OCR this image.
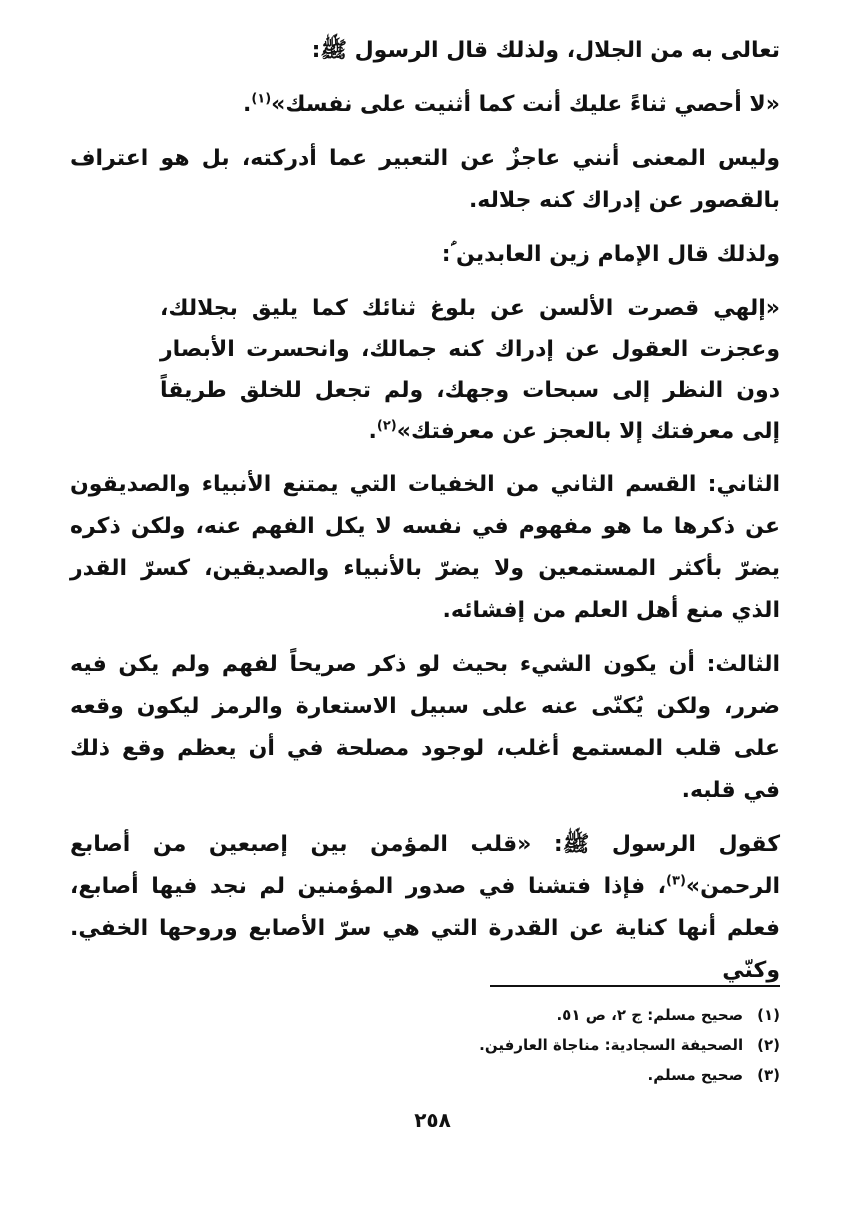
تعالى به من الجلال، ولذلك قال الرسول ﷺ:

«لا أحصي ثناءً عليك أنت كما أثنيت على نفسك»$^{(١)}$.

وليس المعنى أنني عاجزٌ عن التعبير عما أدركته، بل هو اعتراف بالقصور عن إدراك كنه جلاله.

ولذلك قال الإمام زين العابدين ؑ:

«إلهي قصرت الألسن عن بلوغ ثنائك كما يليق بجلالك، وعجزت العقول عن إدراك كنه جمالك، وانحسرت الأبصار دون النظر إلى سبحات وجهك، ولم تجعل للخلق طريقاً إلى معرفتك إلا بالعجز عن معرفتك»$^{(٢)}$.

الثاني: القسم الثاني من الخفيات التي يمتنع الأنبياء والصديقون عن ذكرها ما هو مفهوم في نفسه لا يكل الفهم عنه، ولكن ذكره يضرّ بأكثر المستمعين ولا يضرّ بالأنبياء والصديقين، كسرّ القدر الذي منع أهل العلم من إفشائه.

الثالث: أن يكون الشيء بحيث لو ذكر صريحاً لفهم ولم يكن فيه ضرر، ولكن يُكنّى عنه على سبيل الاستعارة والرمز ليكون وقعه على قلب المستمع أغلب، لوجود مصلحة في أن يعظم وقع ذلك في قلبه.

كقول الرسول ﷺ: «قلب المؤمن بين إصبعين من أصابع الرحمن»$^{(٣)}$، فإذا فتشنا في صدور المؤمنين لم نجد فيها أصابع، فعلم أنها كناية عن القدرة التي هي سرّ الأصابع وروحها الخفي. وكنّي

(١)صحيح مسلم: ج ٢، ص ٥١.

(٢)الصحيفة السجادية: مناجاة العارفين.

(٣)صحيح مسلم.

٢٥٨
